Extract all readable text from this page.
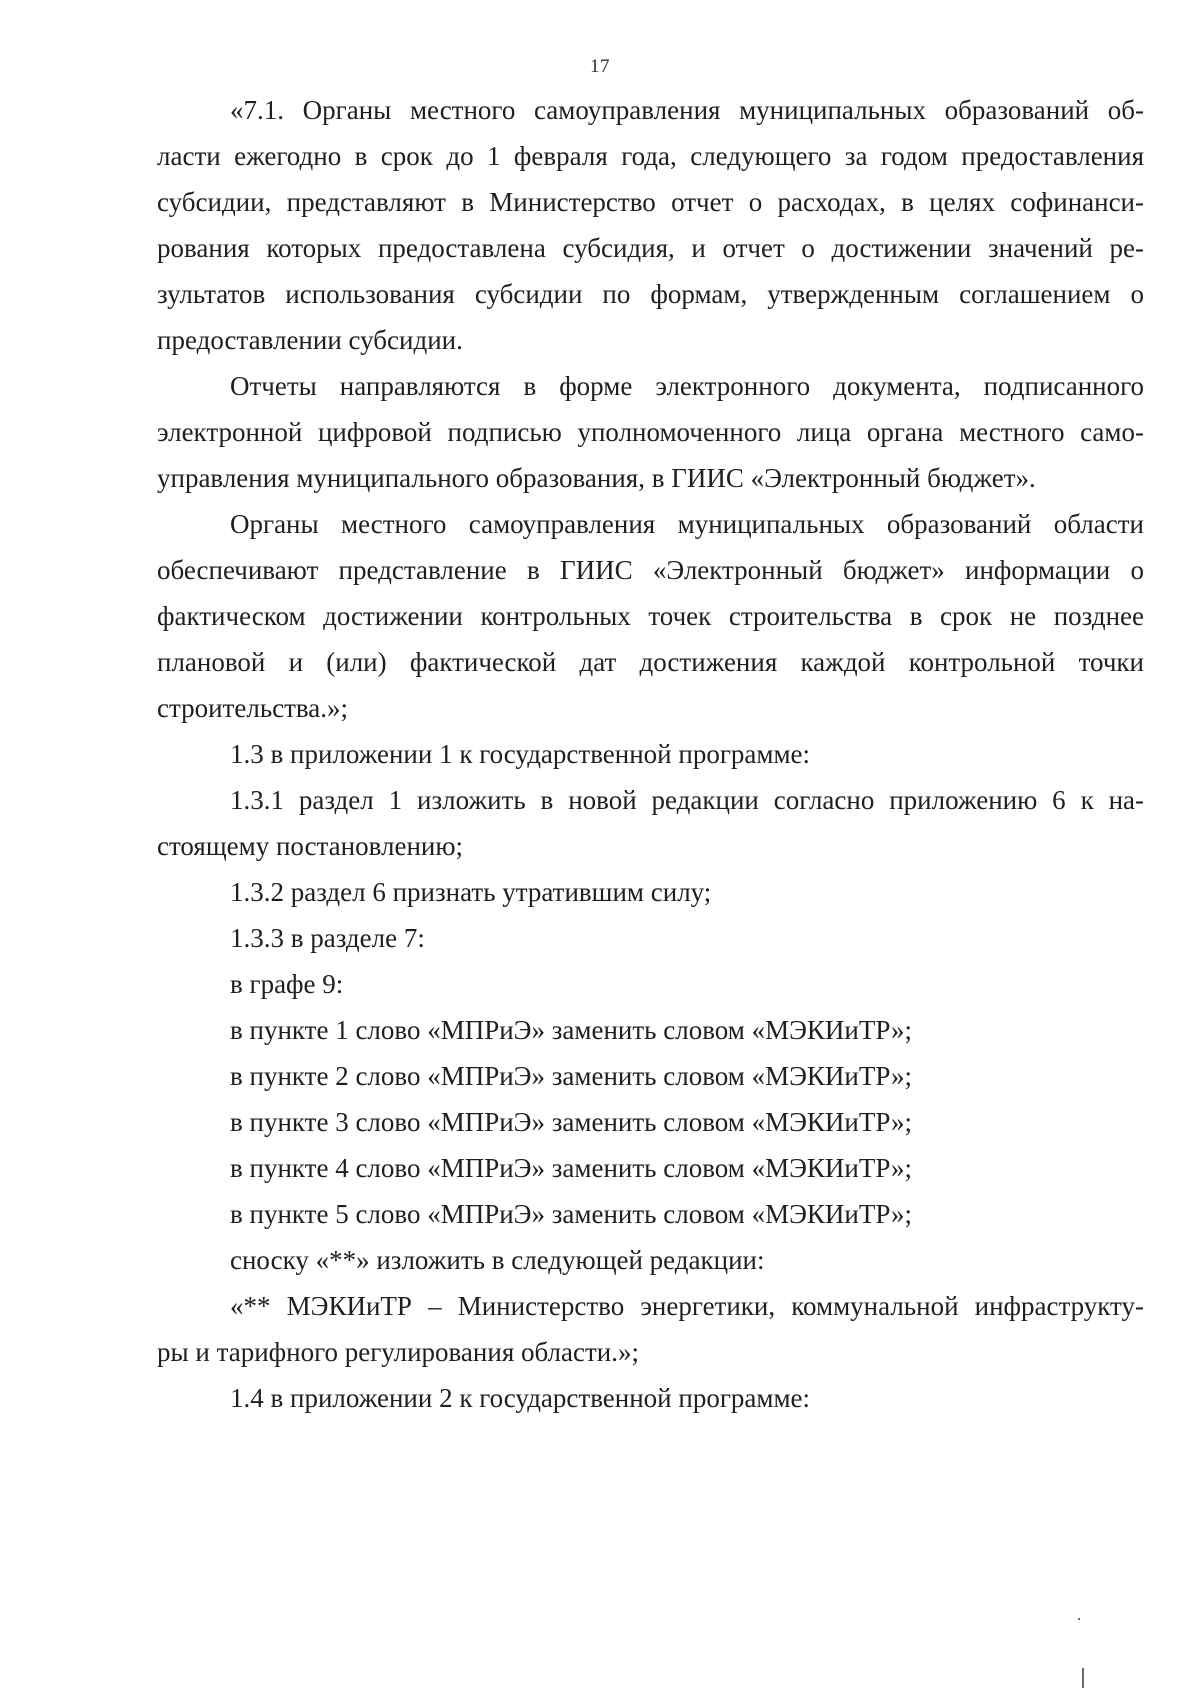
17
«7.1. Органы местного самоуправления муниципальных образований об-
ласти ежегодно в срок до 1 февраля года, следующего за годом предоставления
субсидии, представляют в Министерство отчет о расходах, в целях софинанси-
рования которых предоставлена субсидия, и отчет о достижении значений ре-
зультатов использования субсидии по формам, утвержденным соглашением о
предоставлении субсидии.
Отчеты направляются в форме электронного документа, подписанного
электронной цифровой подписью уполномоченного лица органа местного само-
управления муниципального образования, в ГИИС «Электронный бюджет».
Органы местного самоуправления муниципальных образований области
обеспечивают представление в ГИИС «Электронный бюджет» информации о
фактическом достижении контрольных точек строительства в срок не позднее
плановой и (или) фактической дат достижения каждой контрольной точки
строительства.»;
1.3 в приложении 1 к государственной программе:
1.3.1 раздел 1 изложить в новой редакции согласно приложению 6 к на-
стоящему постановлению;
1.3.2 раздел 6 признать утратившим силу;
1.3.3 в разделе 7:
в графе 9:
в пункте 1 слово «МПРиЭ» заменить словом «МЭКИиТР»;
в пункте 2 слово «МПРиЭ» заменить словом «МЭКИиТР»;
в пункте 3 слово «МПРиЭ» заменить словом «МЭКИиТР»;
в пункте 4 слово «МПРиЭ» заменить словом «МЭКИиТР»;
в пункте 5 слово «МПРиЭ» заменить словом «МЭКИиТР»;
сноску «**» изложить в следующей редакции:
«** МЭКИиТР – Министерство энергетики, коммунальной инфраструкту-
ры и тарифного регулирования области.»;
1.4 в приложении 2 к государственной программе:
